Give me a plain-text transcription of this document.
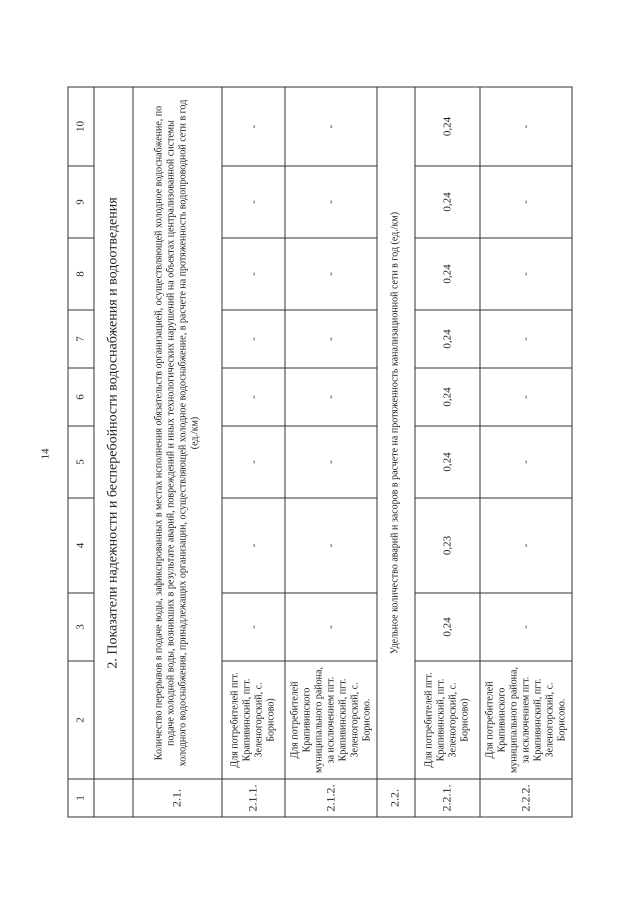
14
1	2	3	4	5	6	7	8	9	10
	2. Показатели надежности и бесперебойности водоснабжения и водоотведения								
2.1.	Количество перерывов в подаче воды, зафиксированных в местах исполнения обязательств организацией, осуществляющей холодное водоснабжение, по подаче холодной воды, возникших в результате аварий, повреждений и иных технологических нарушений на объектах централизованной системы холодного водоснабжения, принадлежащих организации, осуществляющей холодное водоснабжение, в расчете на протяженность водопроводной сети в год (ед./км)								
2.1.1.	Для потребителей пгт. Крапивинский, пгт. Зеленогорский, с. Борисово)	-	-	-	-	-	-	-	-
2.1.2.	Для потребителей Крапивинского муниципального района, за исключением пгт. Крапивинский, пгт. Зеленогорский, с. Борисово.	-	-	-	-	-	-	-	-
2.2.	Удельное количество аварий и засоров в расчете на протяженность канализационной сети в год (ед./км)								
2.2.1.	Для потребителей пгт. Крапивинский, пгт. Зеленогорский, с. Борисово)	0,24	0,23	0,24	0,24	0,24	0,24	0,24	0,24
2.2.2.	Для потребителей Крапивинского муниципального района, за исключением пгт. Крапивинский, пгт. Зеленогорский, с. Борисово.	-	-	-	-	-	-	-	-
